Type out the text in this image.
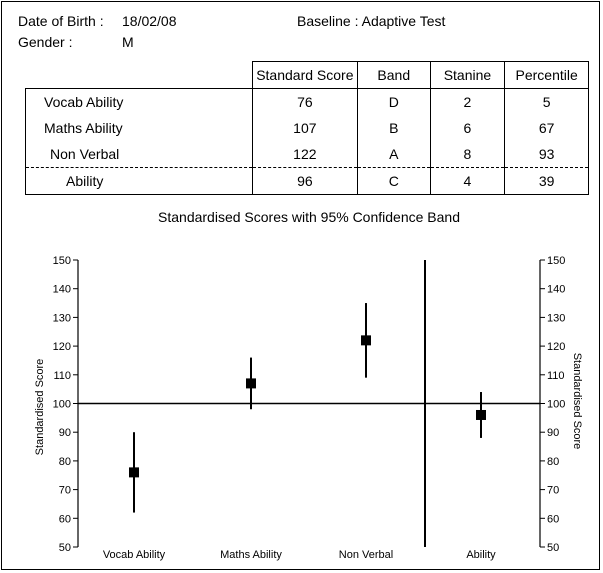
Date of Birth : 18/02/08
Gender :	M
Baseline : Adaptive Test
	Standard Score	Band	Stanine	Percentile
Vocab Ability	76	D	2	5
Maths Ability	107	B	6	67
Non Verbal	122	A	8	93
Ability	96	C	4	39
Standardised Scores with 95% Confidence Band
50
60
70
80
90
100
110
120
130
140
150
50
60
70
80
90
100
110
120
130
140
150
Vocab Ability	Maths Ability	Non Verbal	Ability
Standardised Score	Standardised Score
